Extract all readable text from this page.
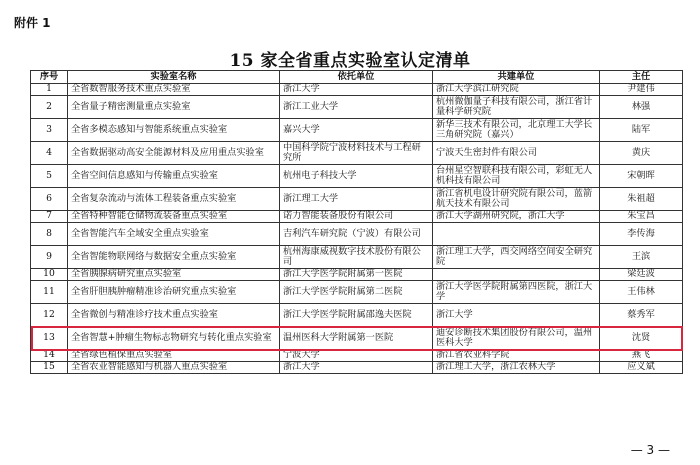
附件 1
15 家全省重点实验室认定清单
序号	实验室名称	依托单位	共建单位	主任
1	全省数智服务技术重点实验室	浙江大学	浙江大学滨江研究院	尹建伟
2	全省量子精密测量重点实验室	浙江工业大学	杭州微伽量子科技有限公司，浙江省计量科学研究院	林强
3	全省多模态感知与智能系统重点实验室	嘉兴大学	新华三技术有限公司，北京理工大学长三角研究院（嘉兴）	陆军
4	全省数据驱动高安全能源材料及应用重点实验室	中国科学院宁波材料技术与工程研究所	宁波天生密封件有限公司	黄庆
5	全省空间信息感知与传输重点实验室	杭州电子科技大学	台州星空智联科技有限公司，彩虹无人机科技有限公司	宋朝晖
6	全省复杂流动与流体工程装备重点实验室	浙江理工大学	浙江省机电设计研究院有限公司，蓝箭航天技术有限公司	朱祖超
7	全省特种智能仓储物流装备重点实验室	诺力智能装备股份有限公司	浙江大学湖州研究院，浙江大学	朱宝昌
8	全省智能汽车全域安全重点实验室	吉利汽车研究院（宁波）有限公司		李传海
9	全省智能物联网络与数据安全重点实验室	杭州海康威视数字技术股份有限公司	浙江理工大学，西交网络空间安全研究院	王滨
10	全省胰腺病研究重点实验室	浙江大学医学院附属第一医院		梁廷波
11	全省肝胆胰肿瘤精准诊治研究重点实验室	浙江大学医学院附属第二医院	浙江大学医学院附属第四医院，浙江大学	王伟林
12	全省微创与精准诊疗技术重点实验室	浙江大学医学院附属邵逸夫医院	浙江大学	蔡秀军
13	全省智慧+肿瘤生物标志物研究与转化重点实验室	温州医科大学附属第一医院	迪安诊断技术集团股份有限公司，温州医科大学	沈贤
14	全省绿色植保重点实验室	宁波大学	浙江省农业科学院	燕飞
15	全省农业智能感知与机器人重点实验室	浙江大学	浙江理工大学，浙江农林大学	应义斌
— 3 —
